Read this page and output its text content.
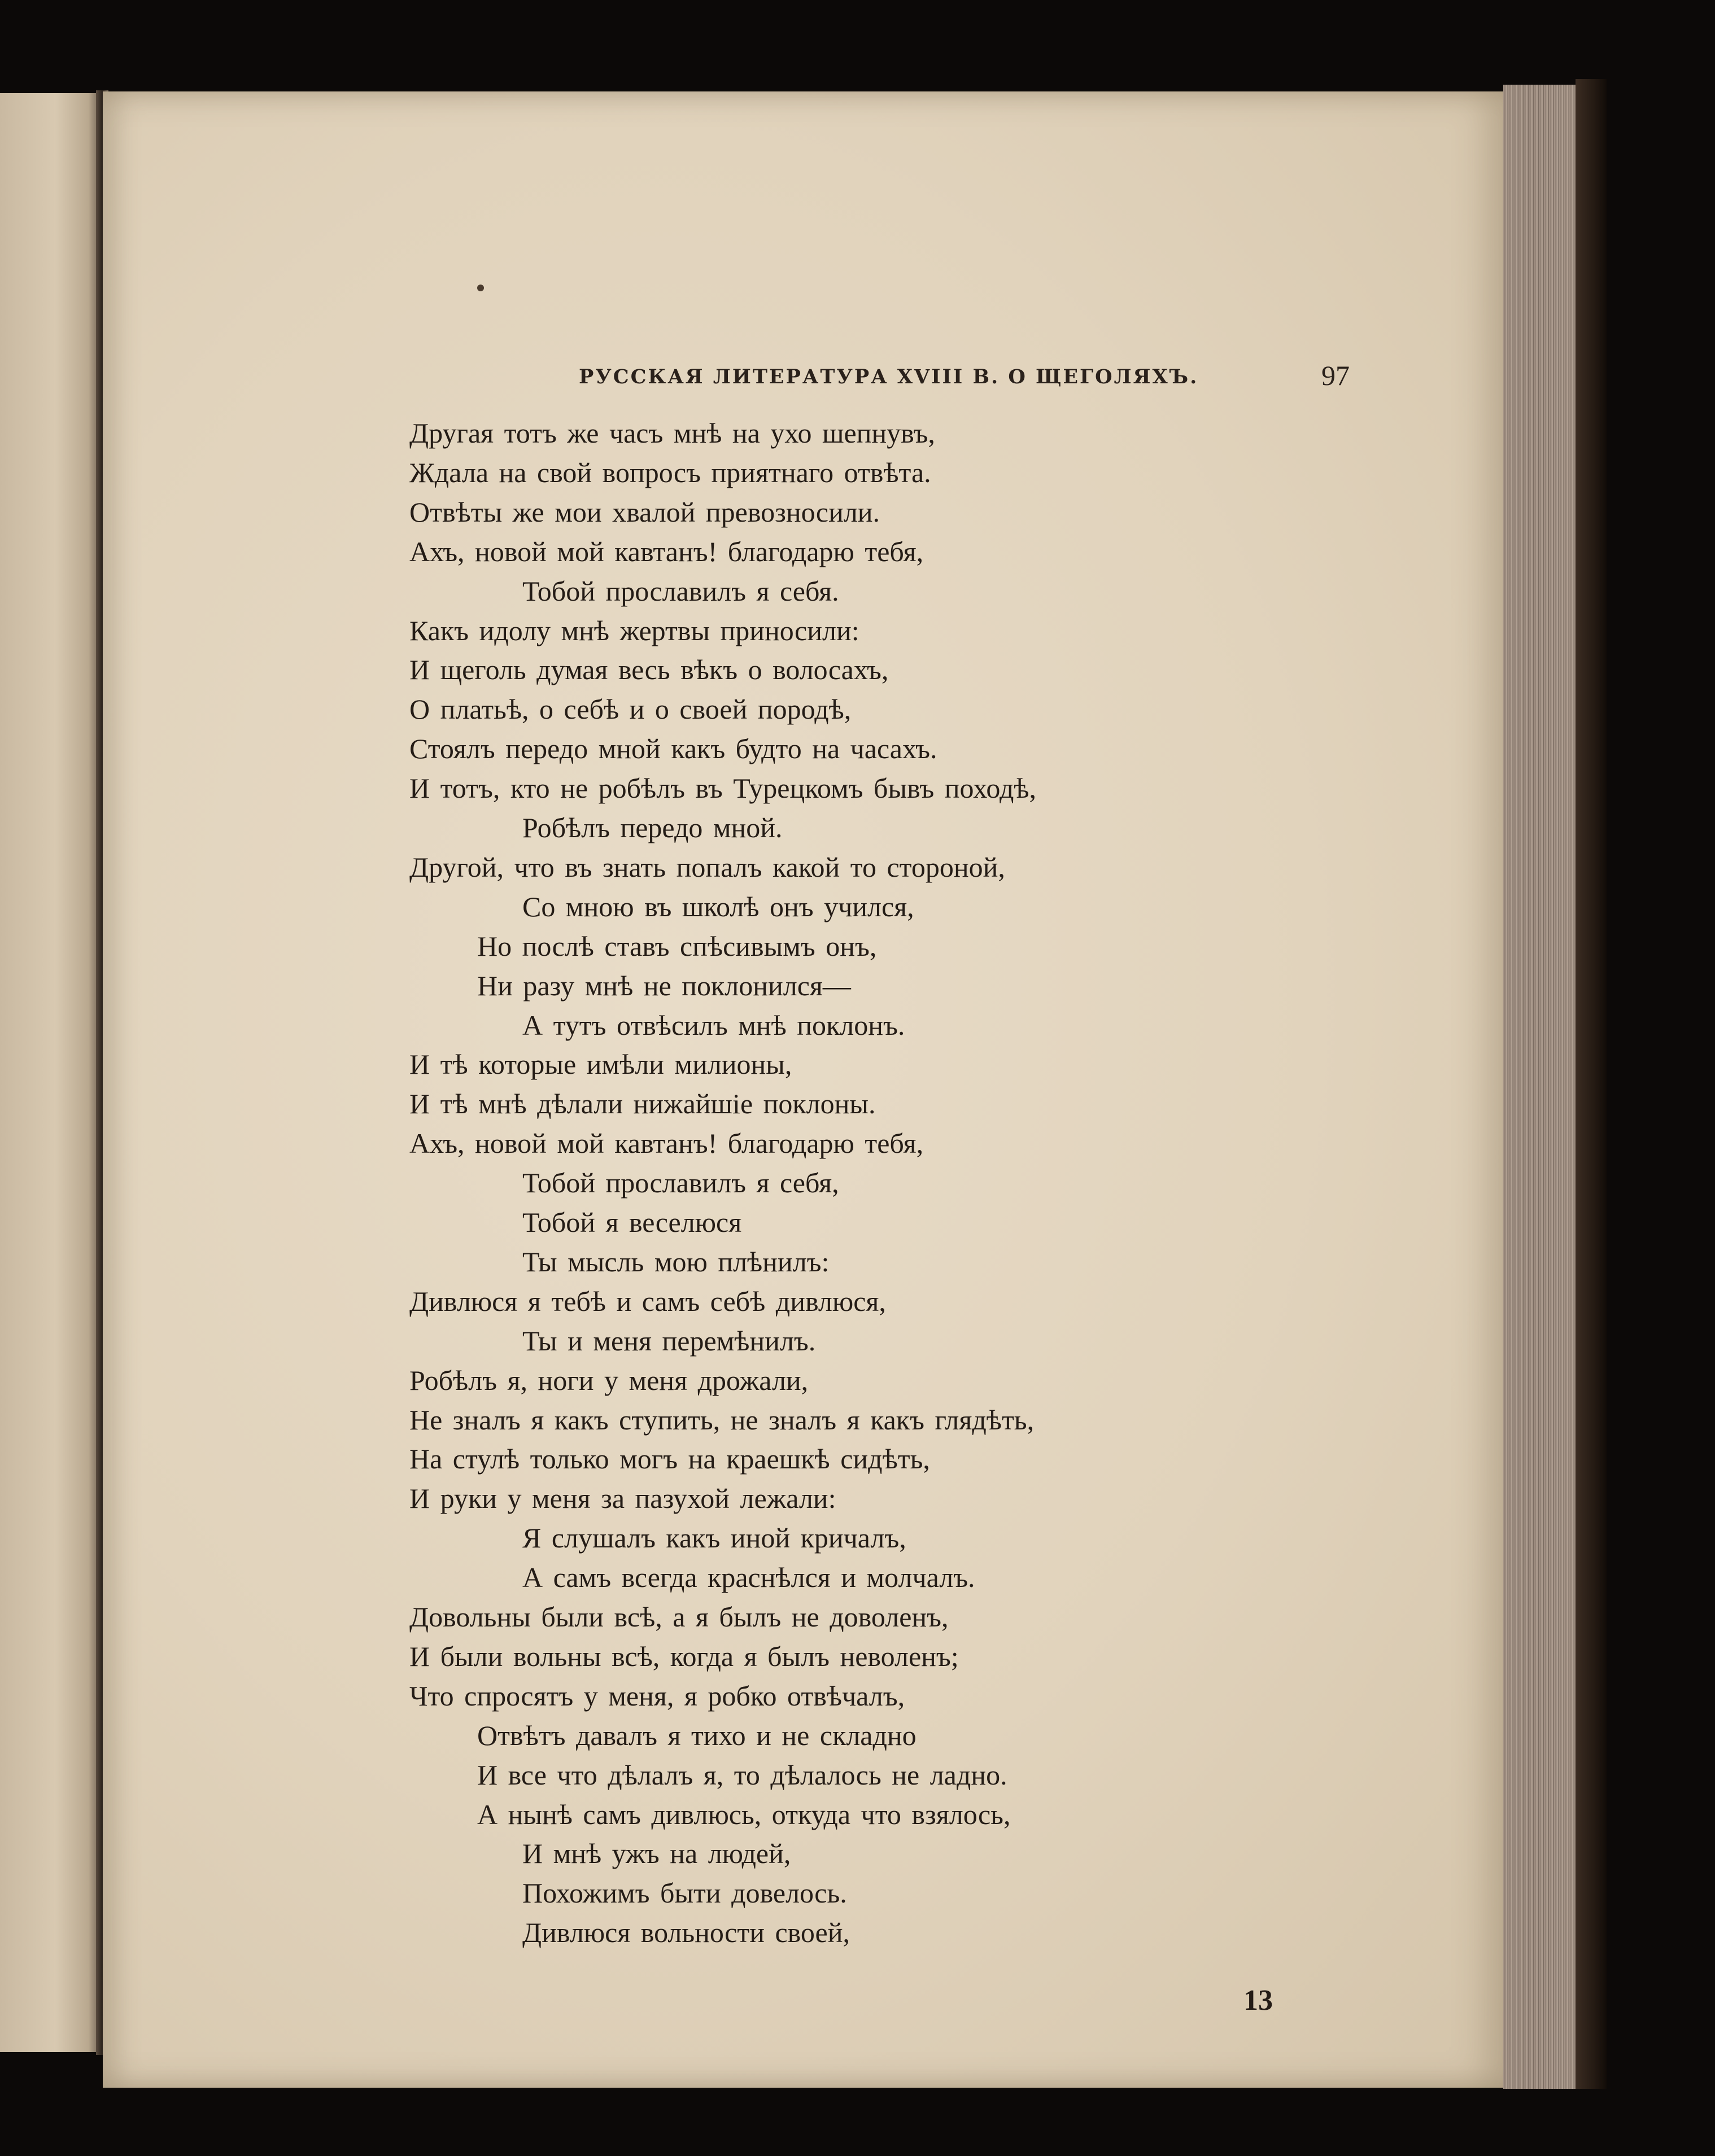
РУССКАЯ ЛИТЕРАТУРА XVIII В. О ЩЕГОЛЯХЪ.	97
Другая тотъ же часъ мнѣ на ухо шепнувъ,
Ждала на свой вопросъ приятнаго отвѣта.
Отвѣты же мои хвалой превозносили.
Ахъ, новой мой кавтанъ! благодарю тебя,
Тобой прославилъ я себя.
Какъ идолу мнѣ жертвы приносили:
И щеголь думая весь вѣкъ о волосахъ,
О платьѣ, о себѣ и о своей породѣ,
Стоялъ передо мной какъ будто на часахъ.
И тотъ, кто не робѣлъ въ Турецкомъ бывъ походѣ,
Робѣлъ передо мной.
Другой, что въ знать попалъ какой то стороной,
Со мною въ школѣ онъ учился,
Но послѣ ставъ спѣсивымъ онъ,
Ни разу мнѣ не поклонился—
А тутъ отвѣсилъ мнѣ поклонъ.
И тѣ которые имѣли милионы,
И тѣ мнѣ дѣлали нижайшіе поклоны.
Ахъ, новой мой кавтанъ! благодарю тебя,
Тобой прославилъ я себя,
Тобой я веселюся
Ты мысль мою плѣнилъ:
Дивлюся я тебѣ и самъ себѣ дивлюся,
Ты и меня перемѣнилъ.
Робѣлъ я, ноги у меня дрожали,
Не зналъ я какъ ступить, не зналъ я какъ глядѣть,
На стулѣ только могъ на краешкѣ сидѣть,
И руки у меня за пазухой лежали:
Я слушалъ какъ иной кричалъ,
А самъ всегда краснѣлся и молчалъ.
Довольны были всѣ, а я былъ не доволенъ,
И были вольны всѣ, когда я былъ неволенъ;
Что спросятъ у меня, я робко отвѣчалъ,
Отвѣтъ давалъ я тихо и не складно
И все что дѣлалъ я, то дѣлалось не ладно.
А нынѣ самъ дивлюсь, откуда что взялось,
И мнѣ ужъ на людей,
Похожимъ быти довелось.
Дивлюся вольности своей,
13
